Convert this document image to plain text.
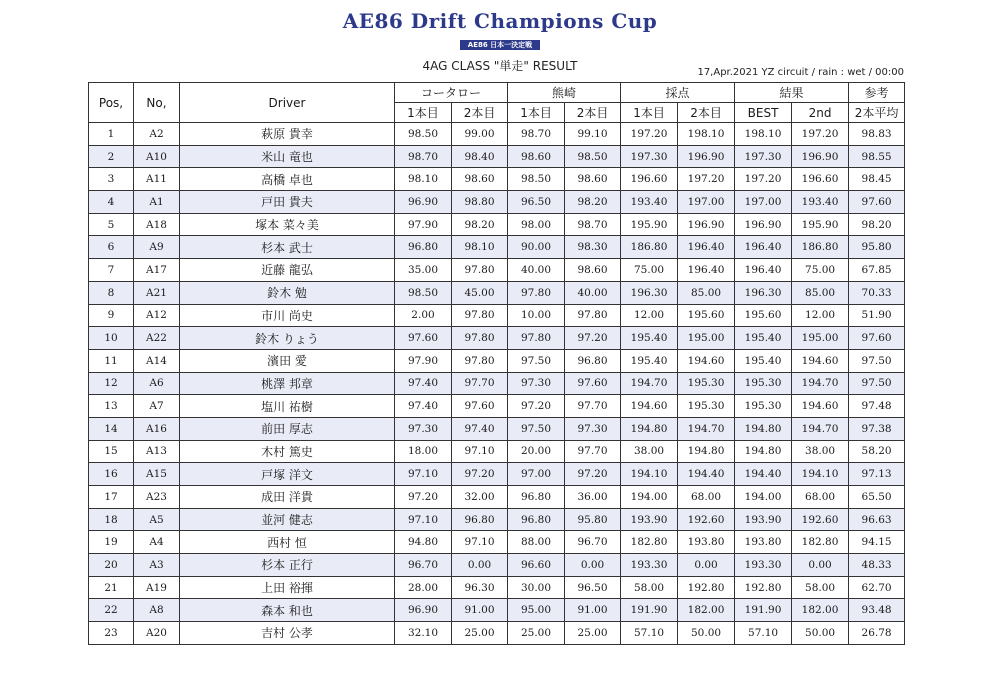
AE86 Drift Champions Cup
AE86 日本一決定戦
4AG CLASS "単走" RESULT	17,Apr.2021 YZ circuit / rain : wet / 00:00
Pos,	No,	Driver	コータロー		熊崎		採点		結果		参考
			1本目	2本目	1本目	2本目	1本目	2本目	BEST	2nd	2本平均
1	A2	萩原 貴幸	98.50	99.00	98.70	99.10	197.20	198.10	198.10	197.20	98.83
2	A10	米山 竜也	98.70	98.40	98.60	98.50	197.30	196.90	197.30	196.90	98.55
3	A11	高橋 卓也	98.10	98.60	98.50	98.60	196.60	197.20	197.20	196.60	98.45
4	A1	戸田 貴夫	96.90	98.80	96.50	98.20	193.40	197.00	197.00	193.40	97.60
5	A18	塚本 菜々美	97.90	98.20	98.00	98.70	195.90	196.90	196.90	195.90	98.20
6	A9	杉本 武士	96.80	98.10	90.00	98.30	186.80	196.40	196.40	186.80	95.80
7	A17	近藤 龍弘	35.00	97.80	40.00	98.60	75.00	196.40	196.40	75.00	67.85
8	A21	鈴木 勉	98.50	45.00	97.80	40.00	196.30	85.00	196.30	85.00	70.33
9	A12	市川 尚史	2.00	97.80	10.00	97.80	12.00	195.60	195.60	12.00	51.90
10	A22	鈴木 りょう	97.60	97.80	97.80	97.20	195.40	195.00	195.40	195.00	97.60
11	A14	濱田 愛	97.90	97.80	97.50	96.80	195.40	194.60	195.40	194.60	97.50
12	A6	桃澤 邦章	97.40	97.70	97.30	97.60	194.70	195.30	195.30	194.70	97.50
13	A7	塩川 祐樹	97.40	97.60	97.20	97.70	194.60	195.30	195.30	194.60	97.48
14	A16	前田 厚志	97.30	97.40	97.50	97.30	194.80	194.70	194.80	194.70	97.38
15	A13	木村 篤史	18.00	97.10	20.00	97.70	38.00	194.80	194.80	38.00	58.20
16	A15	戸塚 洋文	97.10	97.20	97.00	97.20	194.10	194.40	194.40	194.10	97.13
17	A23	成田 洋貴	97.20	32.00	96.80	36.00	194.00	68.00	194.00	68.00	65.50
18	A5	並河 健志	97.10	96.80	96.80	95.80	193.90	192.60	193.90	192.60	96.63
19	A4	西村 恒	94.80	97.10	88.00	96.70	182.80	193.80	193.80	182.80	94.15
20	A3	杉本 正行	96.70	0.00	96.60	0.00	193.30	0.00	193.30	0.00	48.33
21	A19	上田 裕揮	28.00	96.30	30.00	96.50	58.00	192.80	192.80	58.00	62.70
22	A8	森本 和也	96.90	91.00	95.00	91.00	191.90	182.00	191.90	182.00	93.48
23	A20	吉村 公孝	32.10	25.00	25.00	25.00	57.10	50.00	57.10	50.00	26.78
